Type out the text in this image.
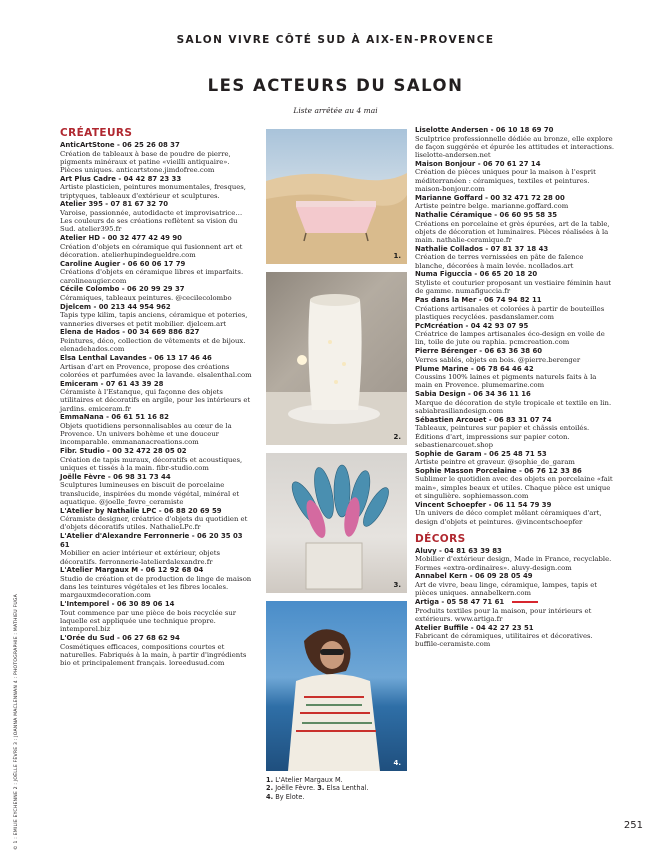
SALON VIVRE CÔTÉ SUD À AIX-EN-PROVENCE
LES ACTEURS DU SALON
Liste arrêtée au 4 mai
CRÉATEURS
AnticArtStone - 06 25 26 08 37
Création de tableaux à base de poudre de pierre, pigments minéraux et patine «vieilli antiquaire». Pièces uniques. anticartstone.jimdofree.com
Art Plus Cadre - 04 42 87 23 33
Artiste plasticien, peintures monumentales, fresques, triptyques, tableaux d'extérieur et sculptures.
Atelier 395 - 07 81 67 32 70
Varoise, passionnée, autodidacte et improvisatrice… Les couleurs de ses créations reflètent sa vision du Sud. atelier395.fr
Atelier HD - 00 32 477 42 49 90
Création d'objets en céramique qui fusionnent art et décoration. atelierhupindegueldre.com
Caroline Augier - 06 60 06 17 79
Créations d'objets en céramique libres et imparfaits. carolineaugier.com
Cécile Colombo - 06 20 99 29 37
Céramiques, tableaux peintures. @cecilecolombo
Djelcem - 00 213 44 954 962
Tapis type kilim, tapis anciens, céramique et poteries, vanneries diverses et petit mobilier. djelcem.art
Elena de Hados - 00 34 669 886 827
Peintures, déco, collection de vêtements et de bijoux. elenadehados.com
Elsa Lenthal Lavandes - 06 13 17 46 46
Artisan d'art en Provence, propose des créations colorées et parfumées avec la lavande. elsalenthal.com
Emiceram - 07 61 43 39 28
Céramiste à l'Estanque, qui façonne des objets utilitaires et décoratifs en argile, pour les intérieurs et jardins. emiceram.fr
EmmaNana - 06 61 51 16 82
Objets quotidiens personnalisables au cœur de la Provence. Un univers bohème et une douceur incomparable. emmananacreations.com
Fibr. Studio - 00 32 472 28 05 02
Création de tapis muraux, décoratifs et acoustiques, uniques et tissés à la main. fibr-studio.com
Joëlle Fèvre - 06 98 31 73 44
Sculptures lumineuses en biscuit de porcelaine translucide, inspirées du monde végétal, minéral et aquatique. @joelle_fevre_ceramiste
L'Atelier by Nathalie LPC - 06 88 20 69 59
Céramiste designer, créatrice d'objets du quotidien et d'objets décoratifs utiles. NathalieLPc.fr
L'Atelier d'Alexandre Ferronnerie - 06 20 35 03 61
Mobilier en acier intérieur et extérieur, objets décoratifs. ferronnerie-latelierdalexandre.fr
L'Atelier Margaux M - 06 12 92 68 04
Studio de création et de production de linge de maison dans les teintures végétales et les fibres locales. margauxmdecoration.com
L'Intemporel - 06 30 89 06 14
Tout commence par une pièce de bois recyclée sur laquelle est appliquée une technique propre. intemporel.biz
L'Orée du Sud - 06 27 68 62 94
Cosmétiques efficaces, compositions courtes et naturelles. Fabriqués à la main, à partir d'ingrédients bio et principalement français. loreedusud.com
1.
2.
3.
4.
1. L'Atelier Margaux M.
2. Joëlle Fèvre. 3. Elsa Lenthal.
4. By Elote.
Liselotte Andersen - 06 10 18 69 70
Sculptrice professionnelle dédiée au bronze, elle explore de façon suggérée et épurée les attitudes et interactions. liselotte-andersen.net
Maison Bonjour - 06 70 61 27 14
Création de pièces uniques pour la maison à l'esprit méditerranéen : céramiques, textiles et peintures. maison-bonjour.com
Marianne Goffard - 00 32 471 72 28 00
Artiste peintre belge. marianne.goffard.com
Nathalie Céramique - 06 60 95 58 35
Créations en porcelaine et grès épurées, art de la table, objets de décoration et luminaires. Pièces réalisées à la main. nathalie-ceramique.fr
Nathalie Collados - 07 81 37 18 43
Création de terres vernissées en pâte de faïence blanche, décorées à main levée. ncollados.art
Numa Figuccia - 06 65 20 18 20
Styliste et couturier proposant un vestiaire féminin haut de gamme. numafiguccia.fr
Pas dans la Mer - 06 74 94 82 11
Créations artisanales et colorées à partir de bouteilles plastiques recyclées. pasdanslamer.com
PcMcréation - 04 42 93 07 95
Créatrice de lampes artisanales éco-design en voile de lin, toile de jute ou raphia. pcmcreation.com
Pierre Bérenger - 06 63 36 38 60
Verres sablés, objets en bois. @pierre.berenger
Plume Marine - 06 78 64 46 42
Coussins 100% laines et pigments naturels faits à la main en Provence. plumemarine.com
Sabia Design - 06 34 36 11 16
Marque de décoration de style tropicale et textile en lin. sabiabrasiliandesign.com
Sébastien Arcouet - 06 83 31 07 74
Tableaux, peintures sur papier et châssis entoilés. Éditions d'art, impressions sur papier coton. sebastienarcouet.shop
Sophie de Garam - 06 25 48 71 53
Artiste peintre et graveur. @sophie_de_garam
Sophie Masson Porcelaine - 06 76 12 33 86
Sublimer le quotidien avec des objets en porcelaine «fait main», simples beaux et utiles. Chaque pièce est unique et singulière. sophiemasson.com
Vincent Schoepfer - 06 11 54 79 39
Un univers de déco complet mêlant céramiques d'art, design d'objets et peintures. @vincentschoepfer
DÉCORS
Aluvy - 04 81 63 39 83
Mobilier d'extérieur design, Made in France, recyclable. Formes «extra-ordinaires». aluvy-design.com
Annabel Kern - 06 09 28 05 49
Art de vivre, beau linge, céramique, lampes, tapis et pièces uniques. annabelkern.com
Artiga - 05 58 47 71 61
Produits textiles pour la maison, pour intérieurs et extérieurs. www.artiga.fr
Atelier Buffile - 04 42 27 23 51
Fabricant de céramiques, utilitaires et décoratives. buffile-ceramiste.com
© 1 : EMILIE EYCHENNE 2 : JOËLLE FÈVRE 3 : JOANNA MACLENNAN 4 : PHOTOGRAPHIE : MATHIEU FUGA	251
